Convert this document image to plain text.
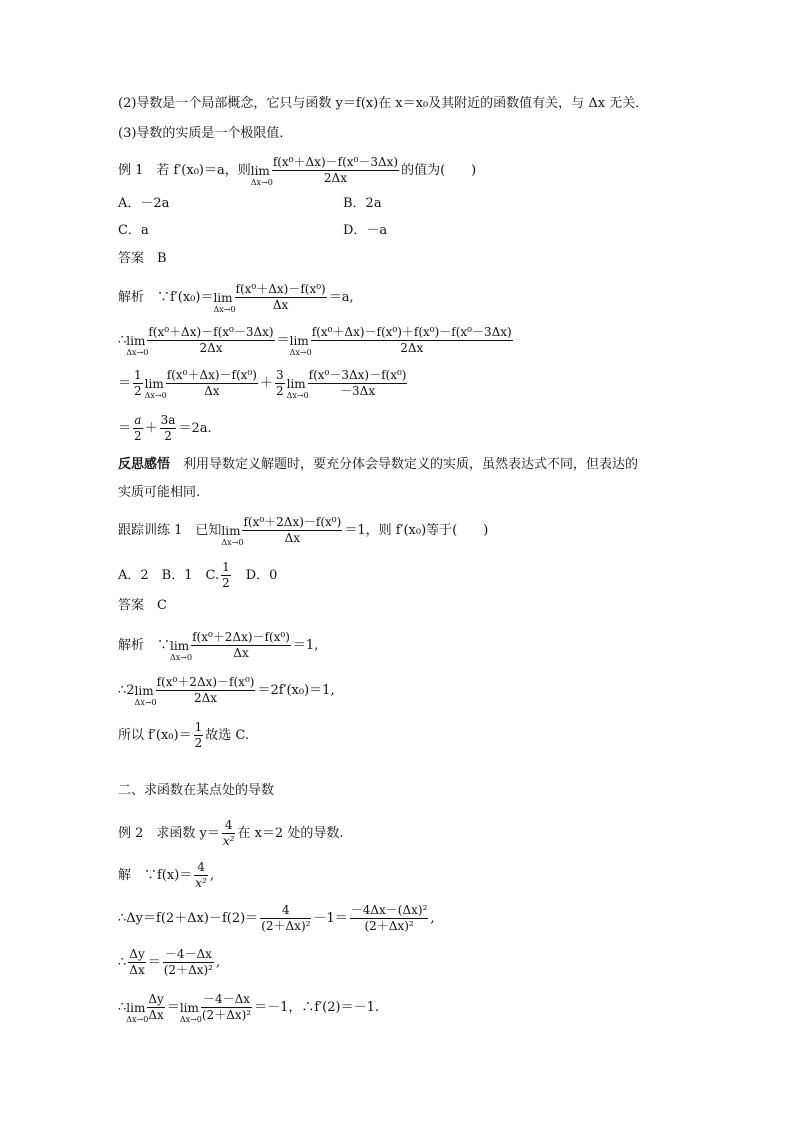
(2)导数是一个局部概念，它只与函数 y＝f(x)在 x＝x₀及其附近的函数值有关，与 Δx 无关．
(3)导数的实质是一个极限值．
例 1　若 f′(x₀)＝a，则lim
Δx→0
$\frac{\text{f(x⁰＋Δx)－f(x⁰－3Δx)}}{2\Delta x}$ 的值为(　　)
A．－2a	B．2a
C．a	D．－a
答案　B
解析　∵f′(x₀)＝lim
Δx→0
$\frac{\text{f(x⁰＋Δx)－f(x⁰)}}{\Delta x} =a$,
∴lim
Δx→0
$\frac{\text{f(x⁰＋Δx)－f(x⁰－3Δx)}}{2\Delta x} =\lim$
Δx→0
$\frac{\text{f(x⁰＋Δx)－f(x⁰)＋f(x⁰)－f(x⁰－3Δx)}}{2\Delta x}$
＝ $\frac{1}{2}$ lim
Δx→0
$\frac{\text{f(x⁰＋Δx)－f(x⁰)}}{\Delta x} + \frac{3}{2}$ lim
Δx→0
$\frac{\text{f(x⁰－3Δx)－f(x⁰)}}{-3\Delta x}$
＝ $\frac{a}{2} + \frac{3a}{2} =2a$.
反思感悟　利用导数定义解题时，要充分体会导数定义的实质，虽然表达式不同，但表达的
实质可能相同.
跟踪训练 1　已知lim
Δx→0
$\frac{\text{f(x⁰＋2Δx)－f(x⁰)}}{\Delta x} =1$，则 f′(x₀)等于(　　)
A．2　B．1　C. $\frac{1}{2}$ 　D．0
答案　C
解析　∵lim
Δx→0
$\frac{\text{f(x⁰＋2Δx)－f(x⁰)}}{\Delta x} =1$,
∴2lim
Δx→0
$\frac{\text{f(x⁰＋2Δx)－f(x⁰)}}{2\Delta x} =2f'(x_0)=1$,
所以 $f'(x_0)= \frac{1}{2}$ 故选 C.
二、求函数在某点处的导数
例 2　求函数 $y= \frac{4}{\text{x²}}$ 在 x＝2 处的导数.
解　∵f(x)＝ $\frac{4}{\text{x²}}$ ,
∴Δy＝f(2＋Δx)－f(2)＝ $\frac{4}{\text{(2＋Δx)²}} -1= \frac{\text{－4Δx－(Δx)²}}{\text{(2＋Δx)²}}$ ,
∴ $\frac{\Delta y}{\Delta x} = \frac{-4-\Delta x}{\text{(2＋Δx)²}}$ ,
∴lim
Δx→0
$\frac{\Delta y}{\Delta x} =\lim$
Δx→0
$\frac{-4-\Delta x}{\text{(2＋Δx)²}} =-1$，∴f′(2)＝－1.
